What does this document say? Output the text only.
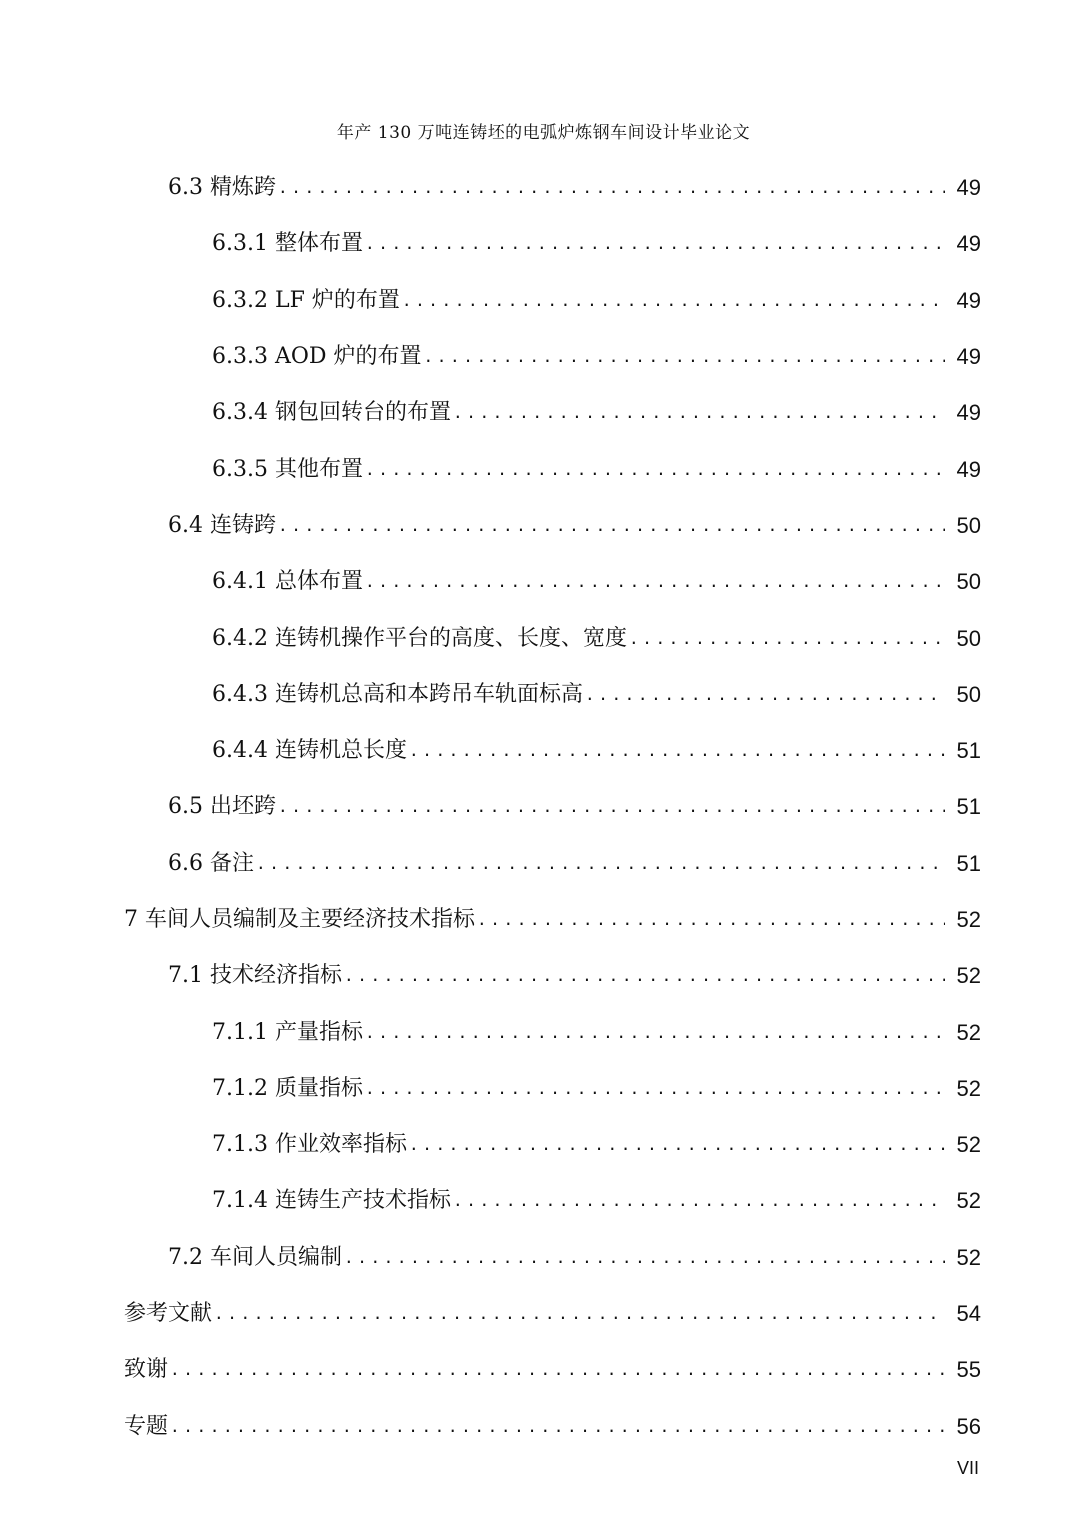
年产 130 万吨连铸坯的电弧炉炼钢车间设计毕业论文
6.3 精炼跨 .....	49
6.3.1 整体布置 .....	49
6.3.2 LF 炉的布置 .....	49
6.3.3 AOD 炉的布置 .....	49
6.3.4 钢包回转台的布置 .....	49
6.3.5 其他布置 .....	49
6.4 连铸跨 .....	50
6.4.1 总体布置 .....	50
6.4.2 连铸机操作平台的高度、长度、宽度 .....	50
6.4.3 连铸机总高和本跨吊车轨面标高 .....	50
6.4.4 连铸机总长度 .....	51
6.5 出坯跨 .....	51
6.6 备注 .....	51
7 车间人员编制及主要经济技术指标 .....	52
7.1 技术经济指标 .....	52
7.1.1 产量指标 .....	52
7.1.2 质量指标 .....	52
7.1.3 作业效率指标 .....	52
7.1.4 连铸生产技术指标 .....	52
7.2 车间人员编制 .....	52
参考文献 .....	54
致谢 .....	55
专题 .....	56
VII
